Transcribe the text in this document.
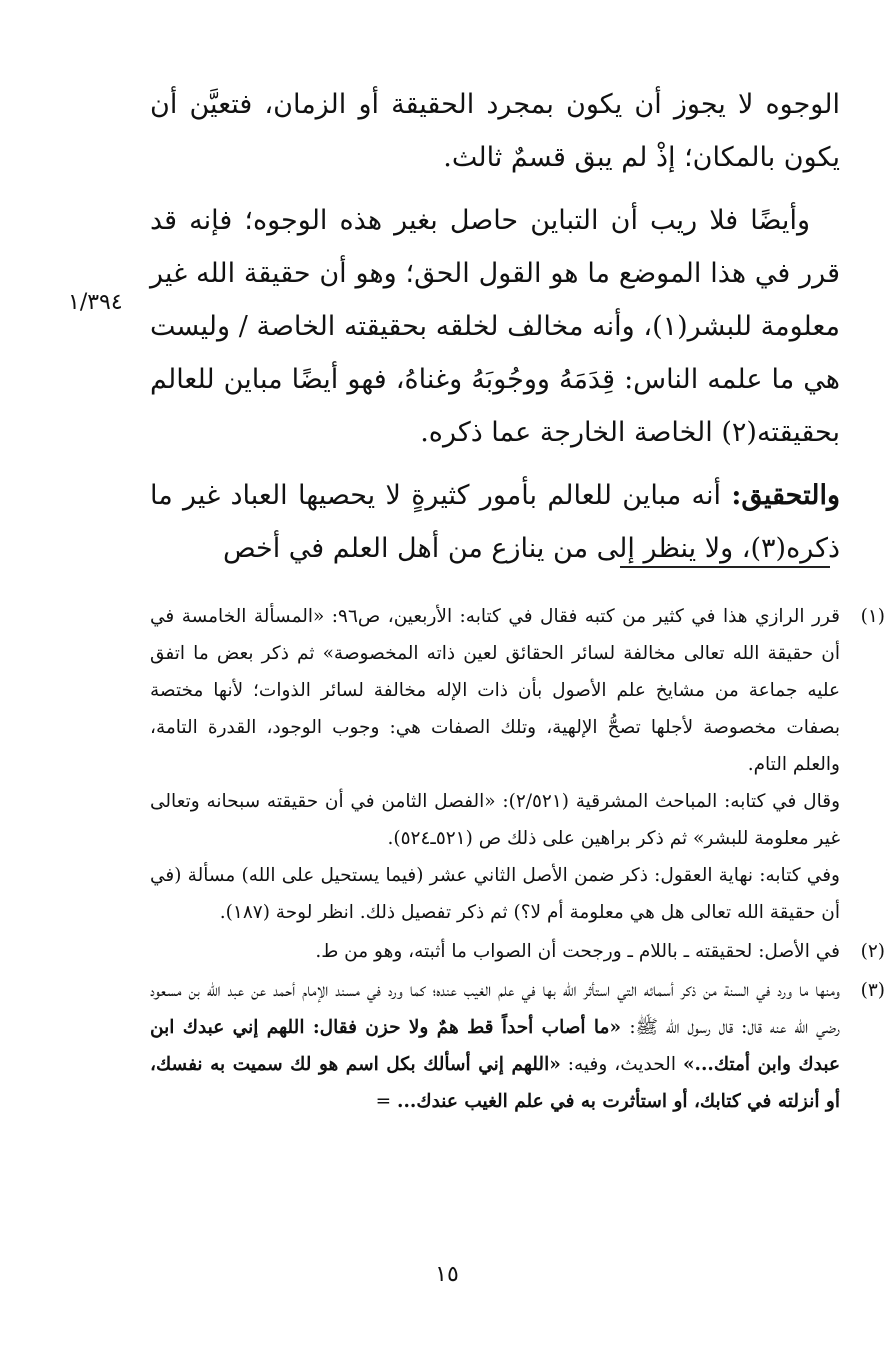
١/٣٩٤

الوجوه لا يجوز أن يكون بمجرد الحقيقة أو الزمان، فتعيَّن أن يكون بالمكان؛ إذْ لم يبق قسمٌ ثالث.

وأيضًا فلا ريب أن التباين حاصل بغير هذه الوجوه؛ فإنه قد قرر في هذا الموضع ما هو القول الحق؛ وهو أن حقيقة الله غير معلومة للبشر(١)، وأنه مخالف لخلقه بحقيقته الخاصة / وليست هي ما علمه الناس: قِدَمَهُ ووجُوبَهُ وغناهُ، فهو أيضًا مباين للعالم بحقيقته(٢) الخاصة الخارجة عما ذكره.

والتحقيق: أنه مباين للعالم بأمور كثيرةٍ لا يحصيها العباد غير ما ذكره(٣)، ولا ينظر إلى من ينازع من أهل العلم في أخص

(١)

قرر الرازي هذا في كثير من كتبه فقال في كتابه: الأربعين، ص٩٦: «المسألة الخامسة في أن حقيقة الله تعالى مخالفة لسائر الحقائق لعين ذاته المخصوصة» ثم ذكر بعض ما اتفق عليه جماعة من مشايخ علم الأصول بأن ذات الإله مخالفة لسائر الذوات؛ لأنها مختصة بصفات مخصوصة لأجلها تصحُّ الإلهية، وتلك الصفات هي: وجوب الوجود، القدرة التامة، والعلم التام.

وقال في كتابه: المباحث المشرقية (٢/٥٢١): «الفصل الثامن في أن حقيقته سبحانه وتعالى غير معلومة للبشر» ثم ذكر براهين على ذلك ص (٥٢١ـ٥٢٤).

وفي كتابه: نهاية العقول: ذكر ضمن الأصل الثاني عشر (فيما يستحيل على الله) مسألة (في أن حقيقة الله تعالى هل هي معلومة أم لا؟) ثم ذكر تفصيل ذلك. انظر لوحة (١٨٧).

(٢)

في الأصل: لحقيقته ـ باللام ـ ورجحت أن الصواب ما أثبته، وهو من ط.

(٣)

ومنها ما ورد في السنة من ذكر أسمائه التي استأثر الله بها في علم الغيب عنده؛ كما ورد في مسند الإمام أحمد عن عبد الله بن مسعود رضي الله عنه قال: قال رسول الله ﷺ: «ما أصاب أحداً قط همٌ ولا حزن فقال: اللهم إني عبدك ابن عبدك وابن أمتك...» الحديث، وفيه: «اللهم إني أسألك بكل اسم هو لك سميت به نفسك، أو أنزلته في كتابك، أو استأثرت به في علم الغيب عندك... =

١٥
